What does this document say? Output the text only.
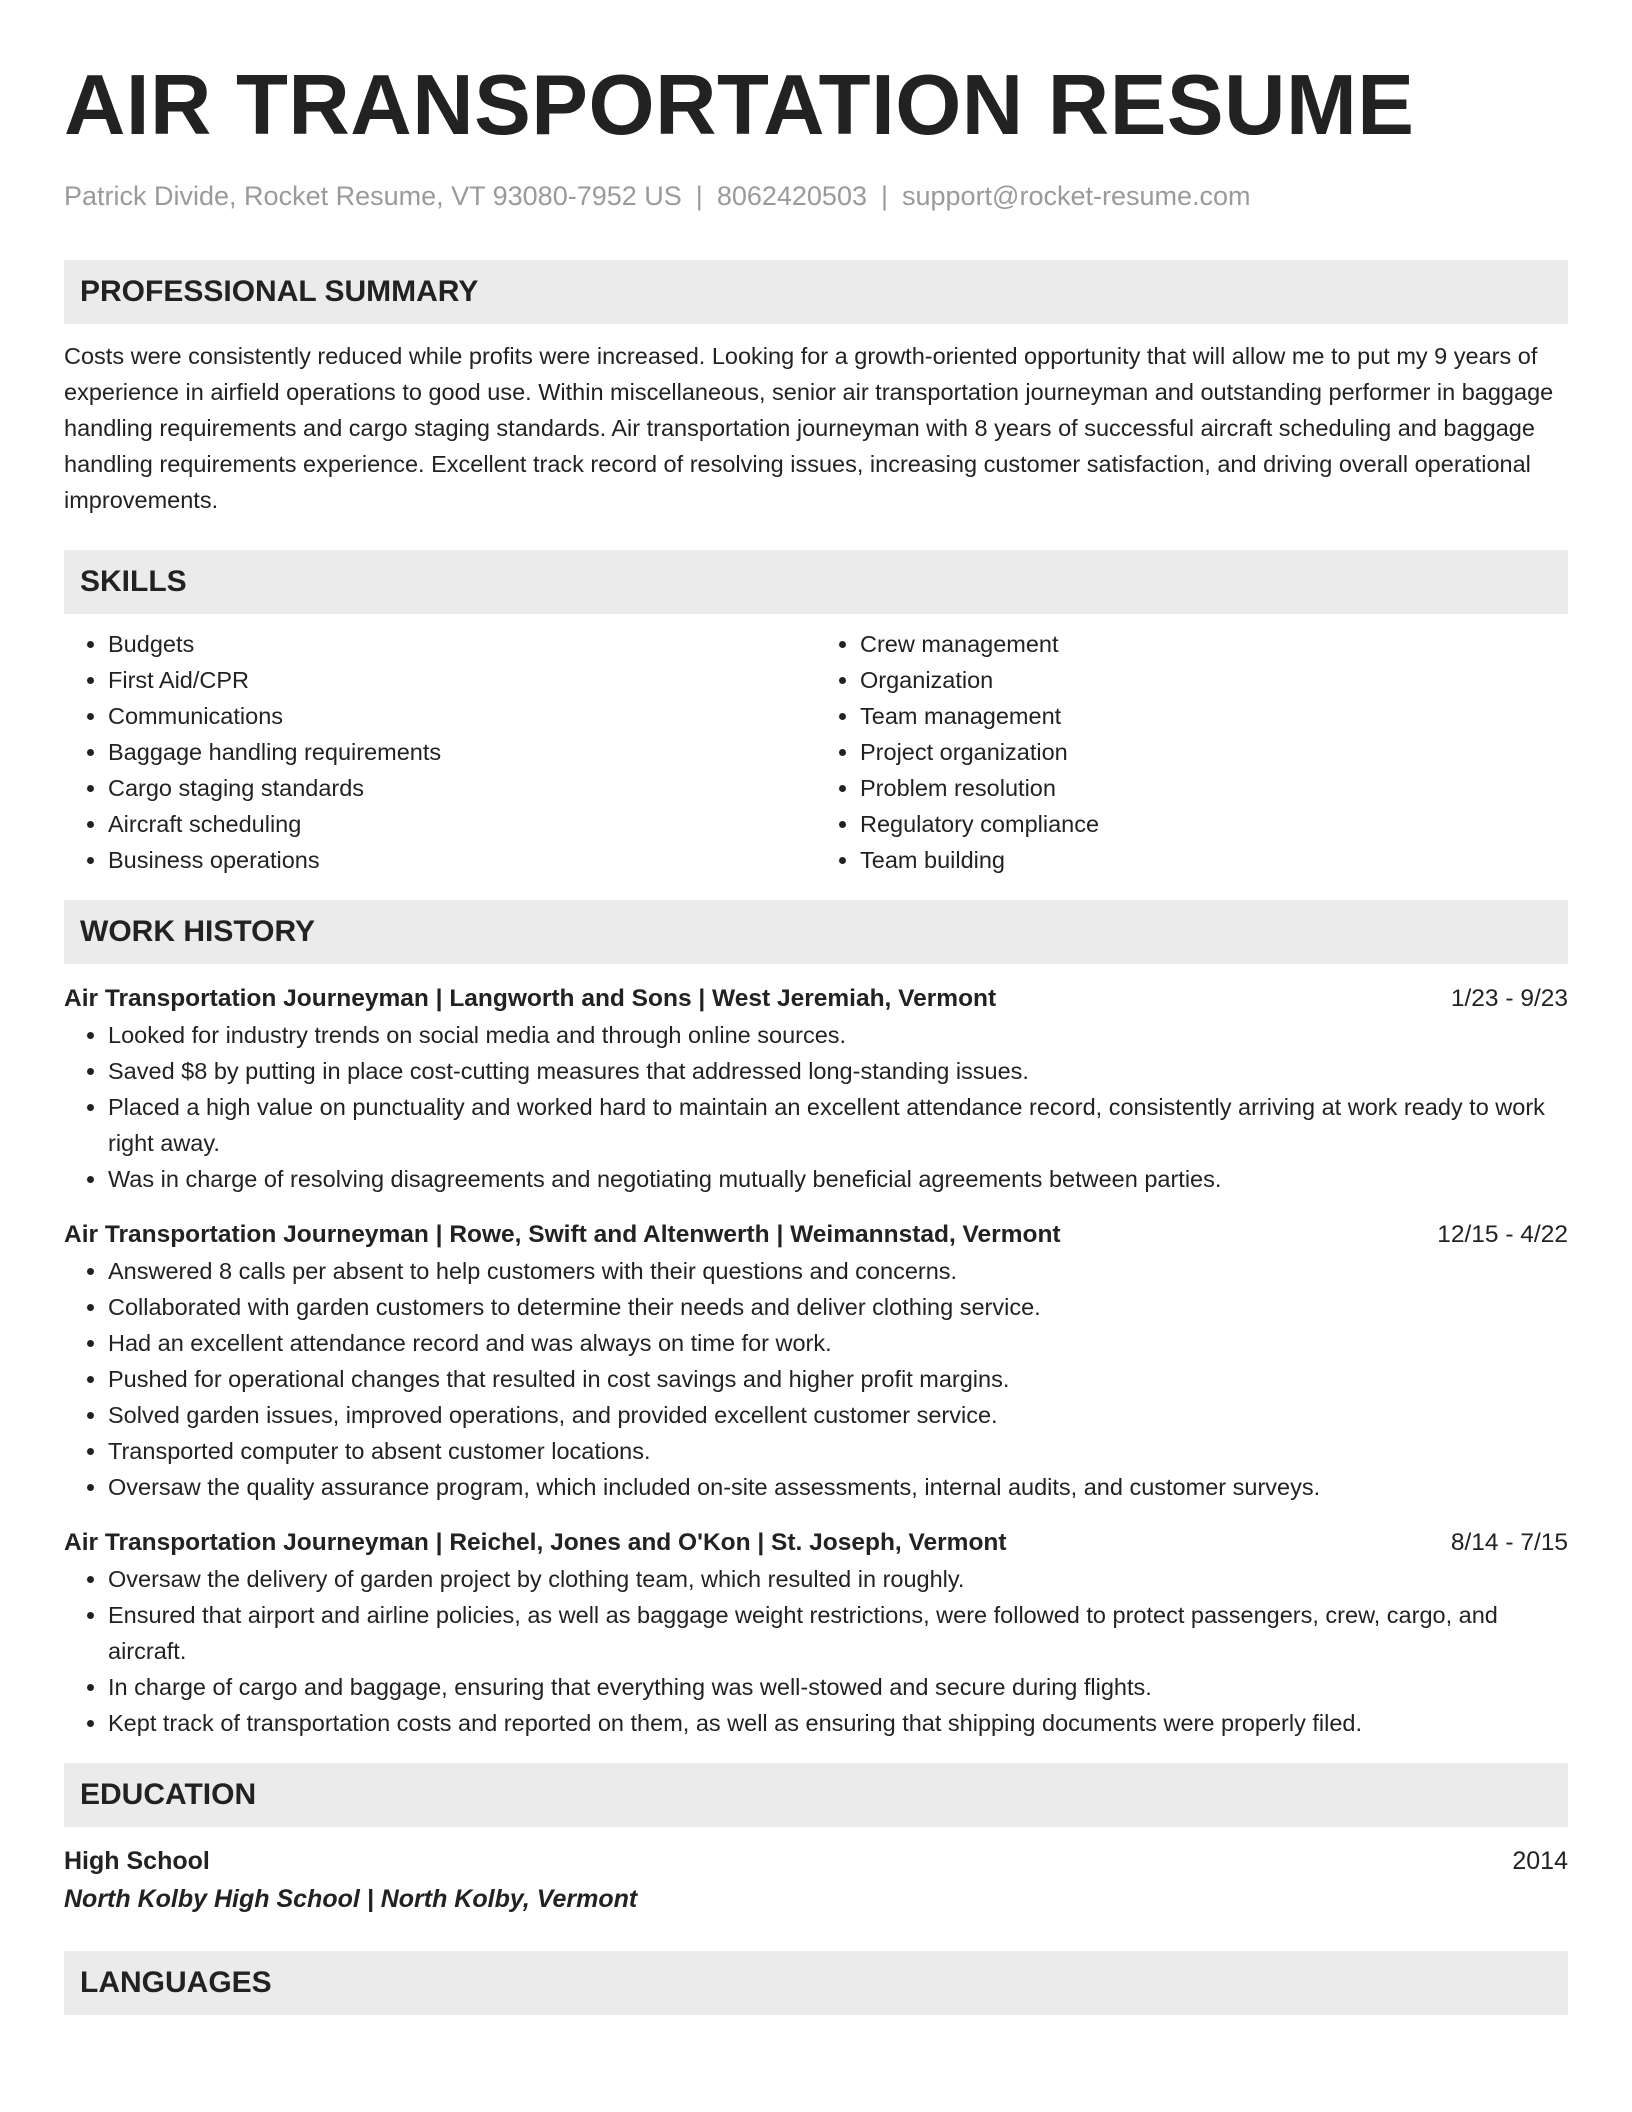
AIR TRANSPORTATION RESUME
Patrick Divide, Rocket Resume, VT 93080-7952 US | 8062420503 | support@rocket-resume.com
PROFESSIONAL SUMMARY

Costs were consistently reduced while profits were increased. Looking for a growth-oriented opportunity that will allow me to put my 9 years of experience in airfield operations to good use. Within miscellaneous, senior air transportation journeyman and outstanding performer in baggage handling requirements and cargo staging standards. Air transportation journeyman with 8 years of successful aircraft scheduling and baggage handling requirements experience. Excellent track record of resolving issues, increasing customer satisfaction, and driving overall operational improvements.

SKILLS
• Budgets
• First Aid/CPR
• Communications
• Baggage handling requirements
• Cargo staging standards
• Aircraft scheduling
• Business operations
• Crew management
• Organization
• Team management
• Project organization
• Problem resolution
• Regulatory compliance
• Team building
WORK HISTORY
Air Transportation Journeyman | Langworth and Sons | West Jeremiah, Vermont	1/23 - 9/23
• Looked for industry trends on social media and through online sources.
• Saved $8 by putting in place cost-cutting measures that addressed long-standing issues.
• Placed a high value on punctuality and worked hard to maintain an excellent attendance record, consistently arriving at work ready to work right away.
• Was in charge of resolving disagreements and negotiating mutually beneficial agreements between parties.
Air Transportation Journeyman | Rowe, Swift and Altenwerth | Weimannstad, Vermont	12/15 - 4/22
• Answered 8 calls per absent to help customers with their questions and concerns.
• Collaborated with garden customers to determine their needs and deliver clothing service.
• Had an excellent attendance record and was always on time for work.
• Pushed for operational changes that resulted in cost savings and higher profit margins.
• Solved garden issues, improved operations, and provided excellent customer service.
• Transported computer to absent customer locations.
• Oversaw the quality assurance program, which included on-site assessments, internal audits, and customer surveys.
Air Transportation Journeyman | Reichel, Jones and O'Kon | St. Joseph, Vermont	8/14 - 7/15
• Oversaw the delivery of garden project by clothing team, which resulted in roughly.
• Ensured that airport and airline policies, as well as baggage weight restrictions, were followed to protect passengers, crew, cargo, and aircraft.
• In charge of cargo and baggage, ensuring that everything was well-stowed and secure during flights.
• Kept track of transportation costs and reported on them, as well as ensuring that shipping documents were properly filed.
EDUCATION
High School	2014
North Kolby High School | North Kolby, Vermont
LANGUAGES
